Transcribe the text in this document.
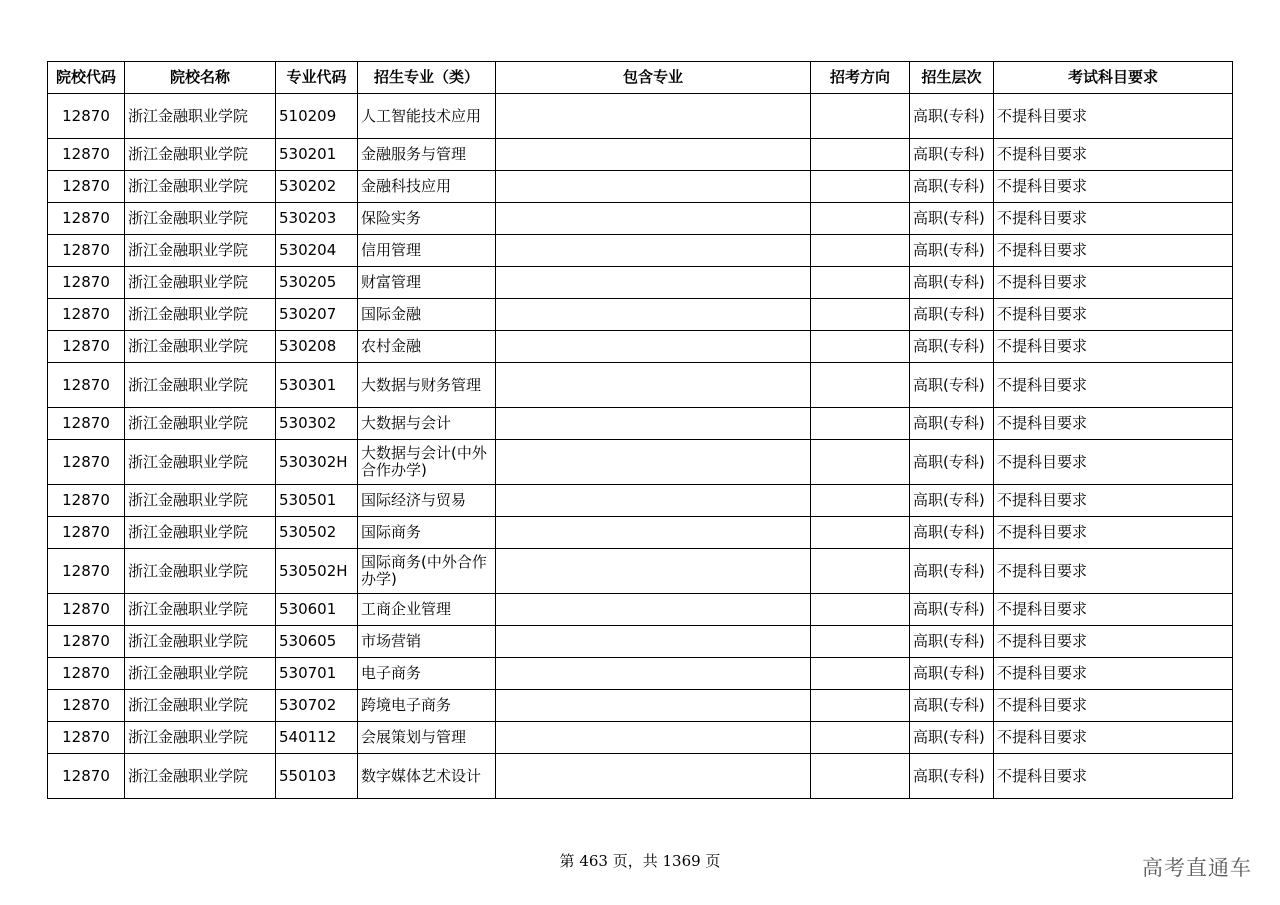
院校代码	院校名称	专业代码	招生专业（类）	包含专业	招考方向	招生层次	考试科目要求
12870	浙江金融职业学院	510209	人工智能技术应用			高职(专科)	不提科目要求
12870	浙江金融职业学院	530201	金融服务与管理			高职(专科)	不提科目要求
12870	浙江金融职业学院	530202	金融科技应用			高职(专科)	不提科目要求
12870	浙江金融职业学院	530203	保险实务			高职(专科)	不提科目要求
12870	浙江金融职业学院	530204	信用管理			高职(专科)	不提科目要求
12870	浙江金融职业学院	530205	财富管理			高职(专科)	不提科目要求
12870	浙江金融职业学院	530207	国际金融			高职(专科)	不提科目要求
12870	浙江金融职业学院	530208	农村金融			高职(专科)	不提科目要求
12870	浙江金融职业学院	530301	大数据与财务管理			高职(专科)	不提科目要求
12870	浙江金融职业学院	530302	大数据与会计			高职(专科)	不提科目要求
12870	浙江金融职业学院	530302H	大数据与会计(中外合作办学)			高职(专科)	不提科目要求
12870	浙江金融职业学院	530501	国际经济与贸易			高职(专科)	不提科目要求
12870	浙江金融职业学院	530502	国际商务			高职(专科)	不提科目要求
12870	浙江金融职业学院	530502H	国际商务(中外合作办学)			高职(专科)	不提科目要求
12870	浙江金融职业学院	530601	工商企业管理			高职(专科)	不提科目要求
12870	浙江金融职业学院	530605	市场营销			高职(专科)	不提科目要求
12870	浙江金融职业学院	530701	电子商务			高职(专科)	不提科目要求
12870	浙江金融职业学院	530702	跨境电子商务			高职(专科)	不提科目要求
12870	浙江金融职业学院	540112	会展策划与管理			高职(专科)	不提科目要求
12870	浙江金融职业学院	550103	数字媒体艺术设计			高职(专科)	不提科目要求
第 463 页，共 1369 页	高考直通车
